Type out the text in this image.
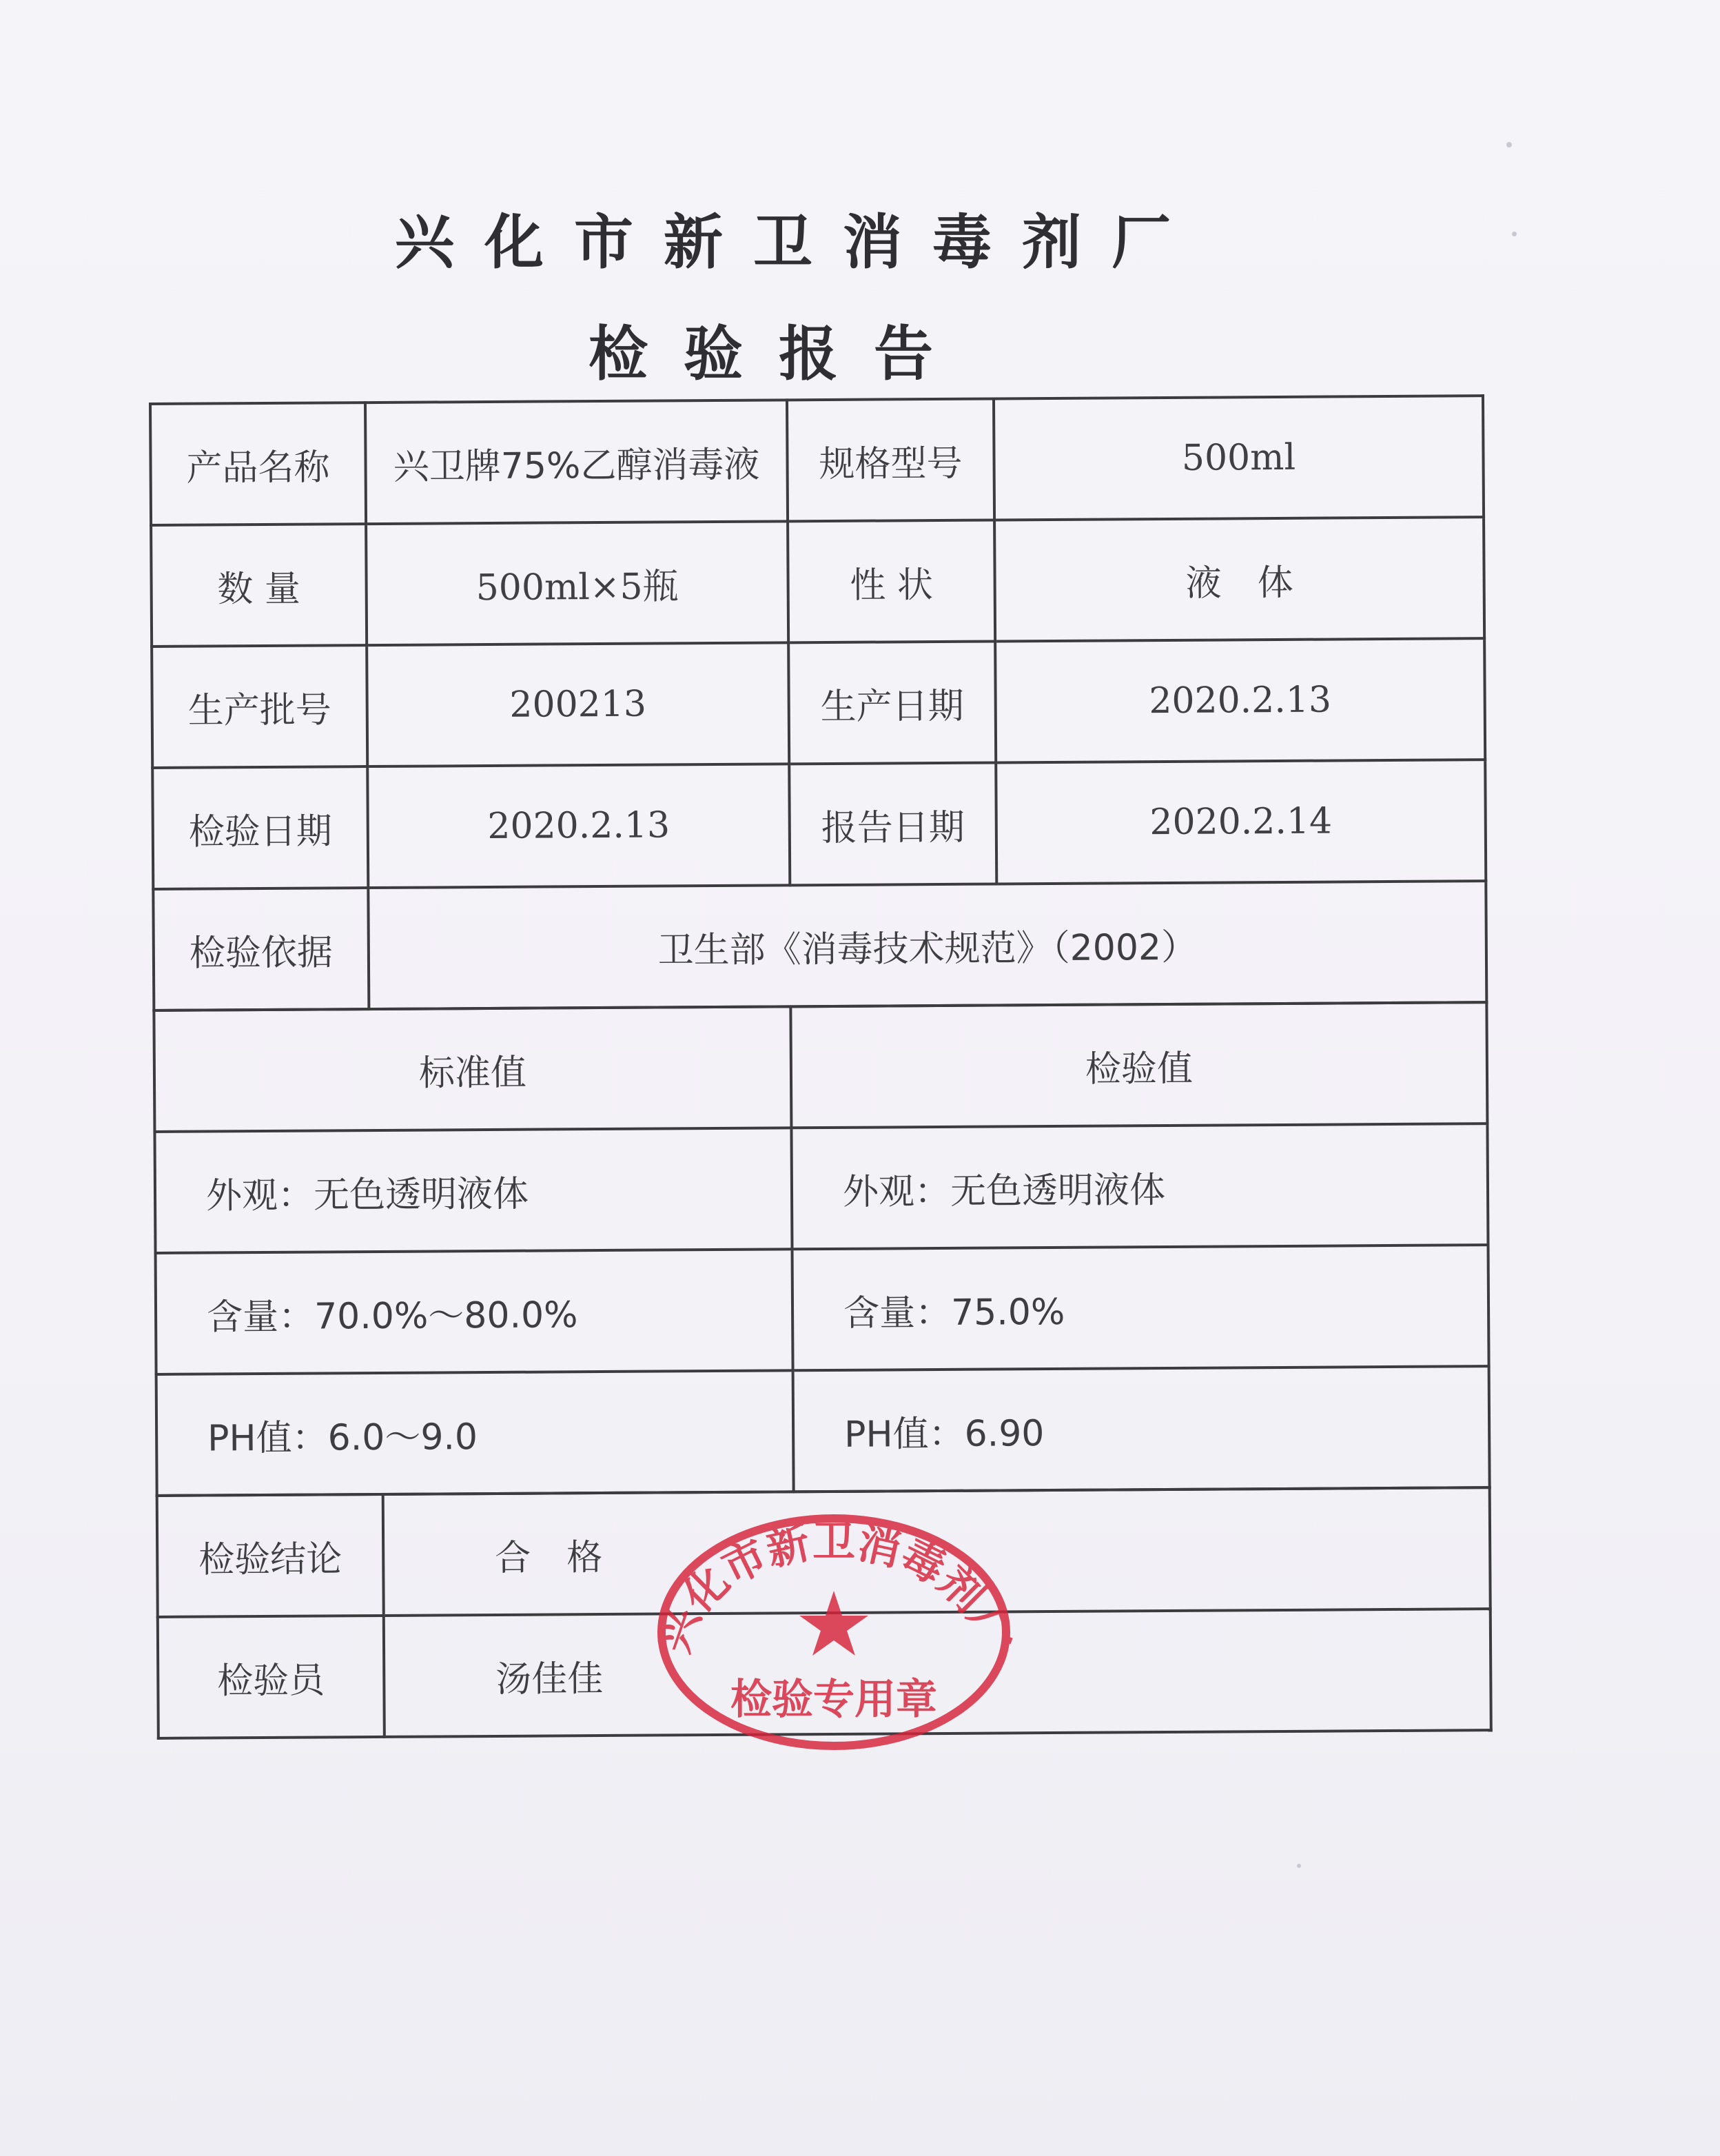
兴化市新卫消毒剂厂
检验报告
产品名称	兴卫牌75%乙醇消毒液	规格型号	500ml
数 量	500ml×5瓶	性 状	液　体
生产批号	200213	生产日期	2020.2.13
检验日期	2020.2.13	报告日期	2020.2.14
检验依据	卫生部《消毒技术规范》（2002）		
标准值	检验值
外观：无色透明液体	外观：无色透明液体
含量：70.0%～80.0%	含量：75.0%
PH值：6.0～9.0	PH值：6.90
检验结论	合　格
检验员	汤佳佳
兴化市新卫消毒剂厂
检验专用章
